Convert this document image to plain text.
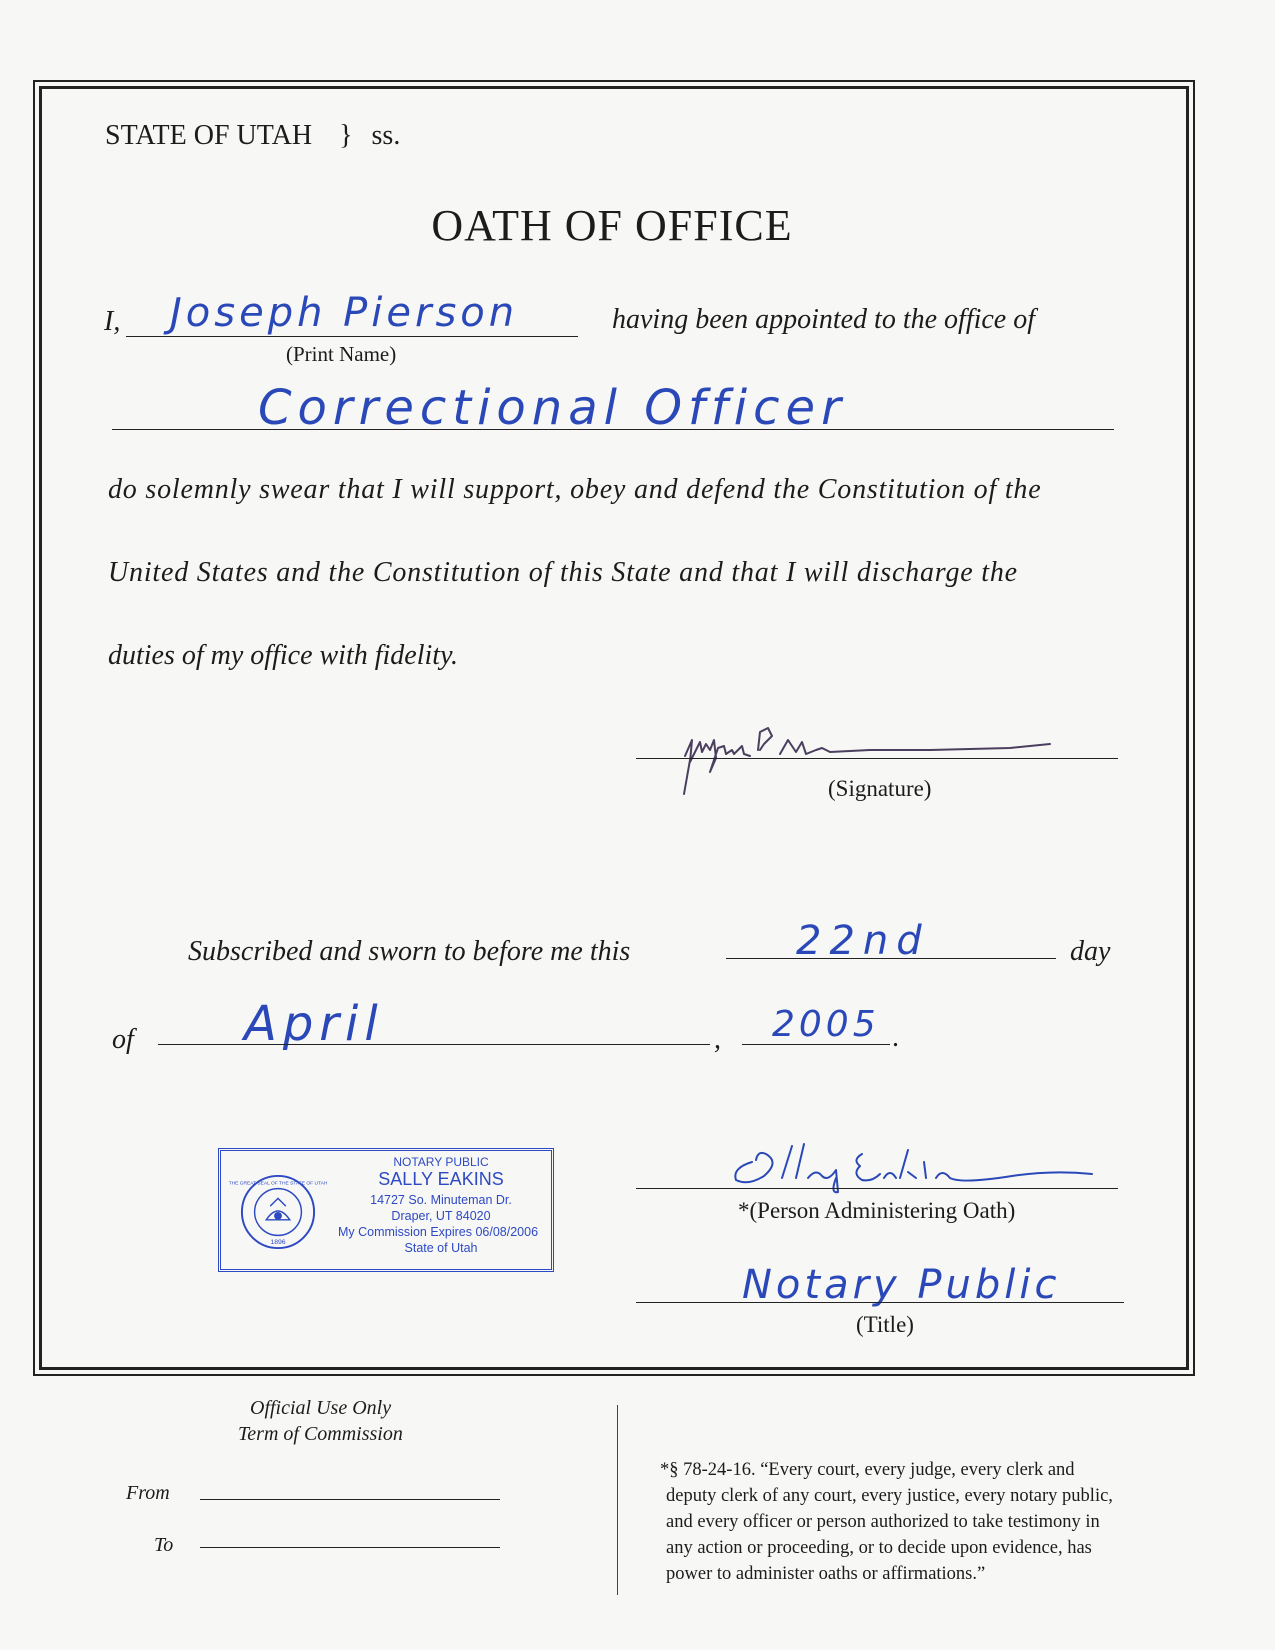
STATE OF UTAH } ss.
OATH OF OFFICE
I, Joseph Pierson
(Print Name)
having been appointed to the office of
Correctional Officer
do solemnly swear that I will support, obey and defend the Constitution of the
United States and the Constitution of this State and that I will discharge the
duties of my office with fidelity.
(Signature)
Subscribed and sworn to before me this	22nd	day
of April	, 2005 .
THE GREAT SEAL OF THE STATE OF UTAH
1896
NOTARY PUBLIC
SALLY EAKINS
14727 So. Minuteman Dr.
Draper, UT 84020
My Commission Expires 06/08/2006
State of Utah
*(Person Administering Oath)
Notary Public
(Title)
Official Use Only
Term of Commission
From
To
*§ 78-24-16. “Every court, every judge, every clerk and
deputy clerk of any court, every justice, every notary public,
and every officer or person authorized to take testimony in
any action or proceeding, or to decide upon evidence, has
power to administer oaths or affirmations.”
